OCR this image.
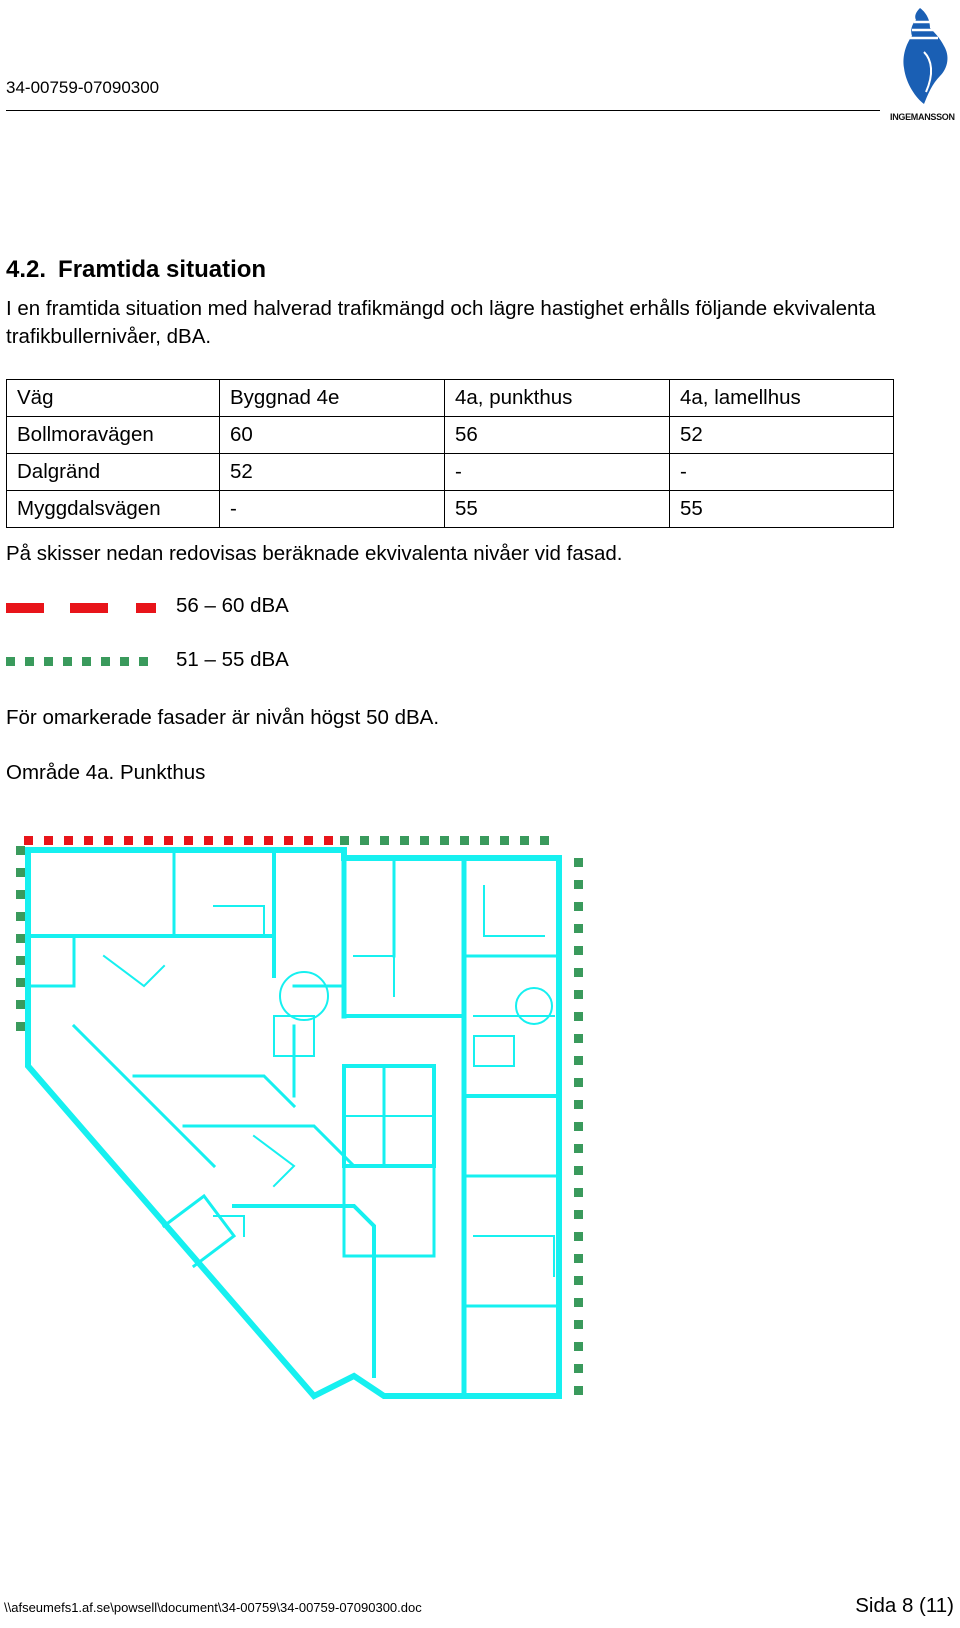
34-00759-07090300
INGEMANSSON
4.2. Framtida situation
I en framtida situation med halverad trafikmängd och lägre hastighet erhålls följande ekvivalenta trafikbullernivåer, dBA.
Väg	Byggnad 4e	4a, punkthus	4a, lamellhus
Bollmoravägen	60	56	52
Dalgränd	52	-	-
Myggdalsvägen	-	55	55
På skisser nedan redovisas beräknade ekvivalenta nivåer vid fasad.
56 – 60 dBA
51 – 55 dBA
För omarkerade fasader är nivån högst 50 dBA.
Område 4a. Punkthus
\\afseumefs1.af.se\powsell\document\34-00759\34-00759-07090300.doc	Sida 8 (11)
